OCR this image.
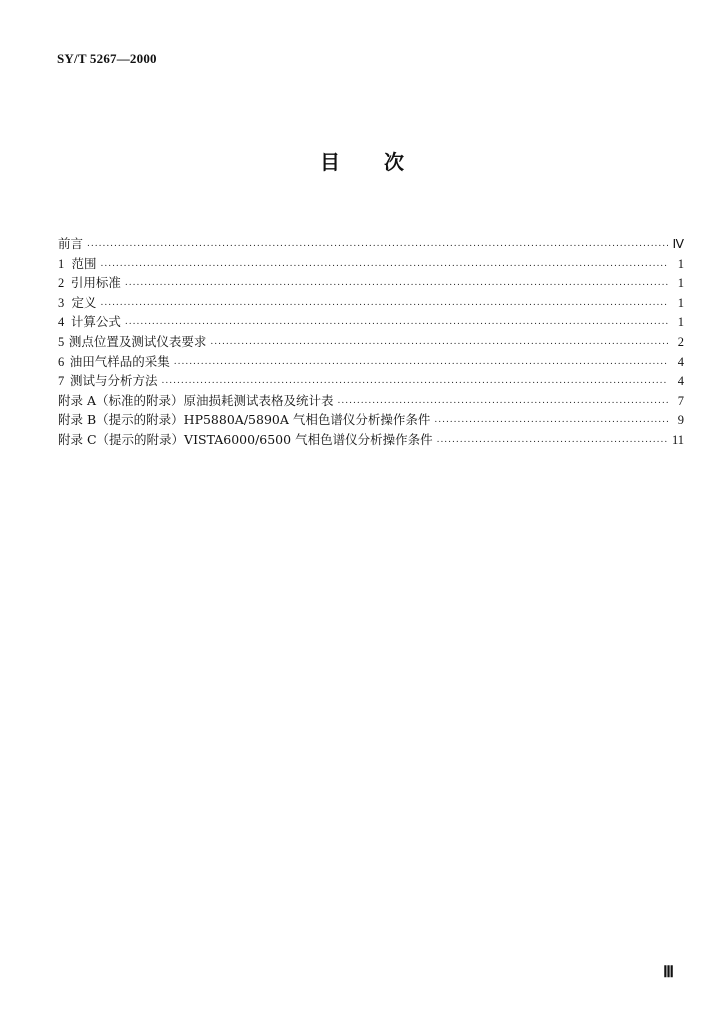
SY/T 5267—2000
目 次
前言 .....	Ⅳ
1 范围 .....	1
2 引用标准 .....	1
3 定义 .....	1
4 计算公式 .....	1
5 测点位置及测试仪表要求 .....	2
6 油田气样品的采集 .....	4
7 测试与分析方法 .....	4
附录 A（标准的附录） 原油损耗测试表格及统计表 .....	7
附录 B（提示的附录） HP5880A/5890A 气相色谱仪分析操作条件 .....	9
附录 C（提示的附录） VISTA6000/6500 气相色谱仪分析操作条件 .....	11
Ⅲ
